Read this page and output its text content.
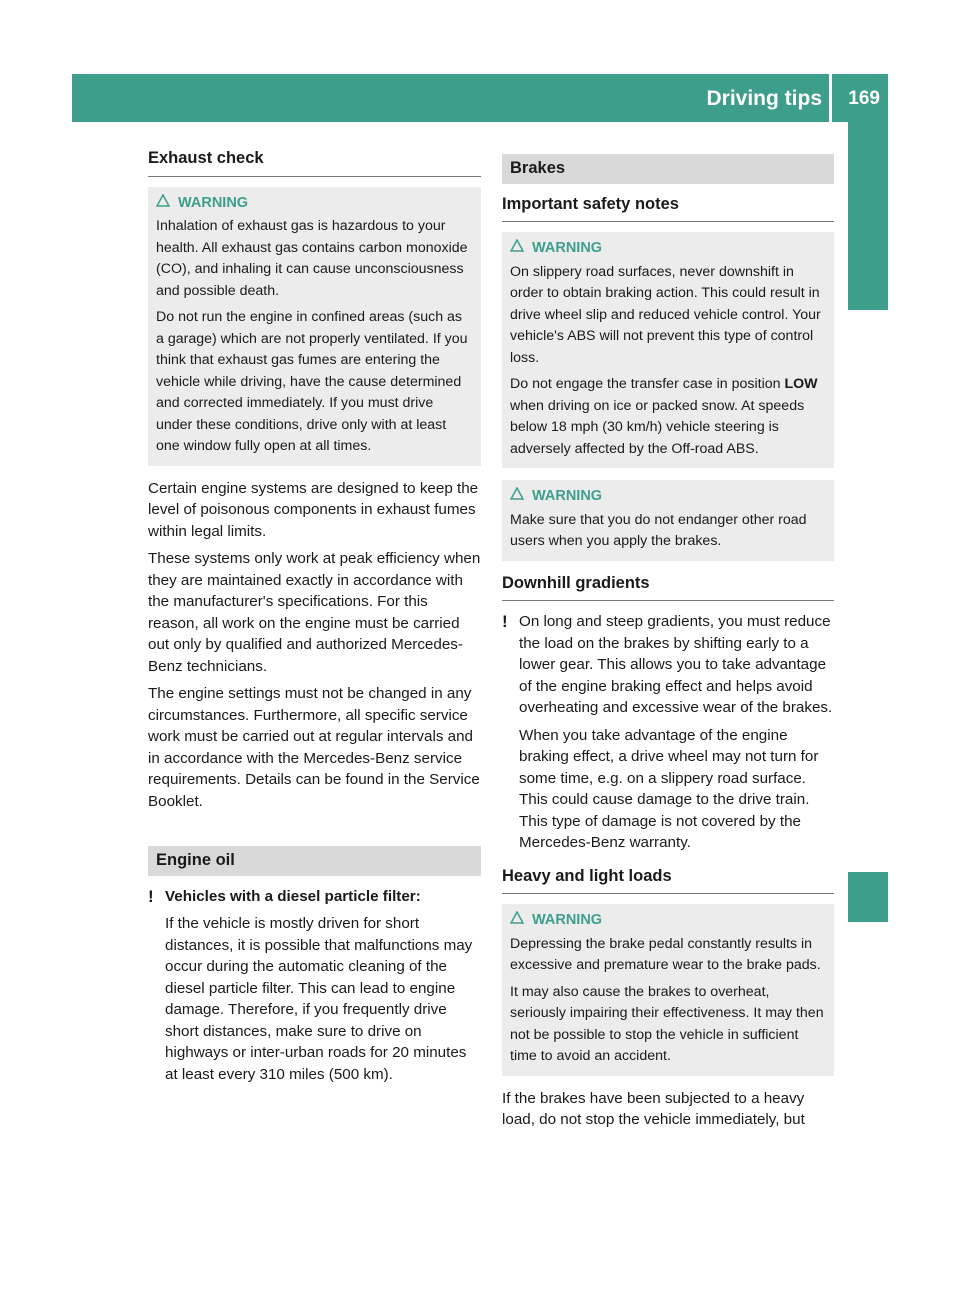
Driving tips 169
Driving and parking
Exhaust check
WARNING

Inhalation of exhaust gas is hazardous to your health. All exhaust gas contains carbon monoxide (CO), and inhaling it can cause unconsciousness and possible death.

Do not run the engine in confined areas (such as a garage) which are not properly ventilated. If you think that exhaust gas fumes are entering the vehicle while driving, have the cause determined and corrected immediately. If you must drive under these conditions, drive only with at least one window fully open at all times.

Certain engine systems are designed to keep the level of poisonous components in exhaust fumes within legal limits.

These systems only work at peak efficiency when they are maintained exactly in accordance with the manufacturer's specifications. For this reason, all work on the engine must be carried out only by qualified and authorized Mercedes-Benz technicians.

The engine settings must not be changed in any circumstances. Furthermore, all specific service work must be carried out at regular intervals and in accordance with the Mercedes-Benz service requirements. Details can be found in the Service Booklet.

Engine oil
! Vehicles with a diesel particle filter:

If the vehicle is mostly driven for short distances, it is possible that malfunctions may occur during the automatic cleaning of the diesel particle filter. This can lead to engine damage. Therefore, if you frequently drive short distances, make sure to drive on highways or inter-urban roads for 20 minutes at least every 310 miles (500 km).

Brakes
Important safety notes
WARNING

On slippery road surfaces, never downshift in order to obtain braking action. This could result in drive wheel slip and reduced vehicle control. Your vehicle's ABS will not prevent this type of control loss.

Do not engage the transfer case in position LOW when driving on ice or packed snow. At speeds below 18 mph (30 km/h) vehicle steering is adversely affected by the Off-road ABS.

WARNING

Make sure that you do not endanger other road users when you apply the brakes.

Downhill gradients
! On long and steep gradients, you must reduce the load on the brakes by shifting early to a lower gear. This allows you to take advantage of the engine braking effect and helps avoid overheating and excessive wear of the brakes.

When you take advantage of the engine braking effect, a drive wheel may not turn for some time, e.g. on a slippery road surface. This could cause damage to the drive train. This type of damage is not covered by the Mercedes-Benz warranty.

Heavy and light loads
WARNING

Depressing the brake pedal constantly results in excessive and premature wear to the brake pads.

It may also cause the brakes to overheat, seriously impairing their effectiveness. It may then not be possible to stop the vehicle in sufficient time to avoid an accident.

If the brakes have been subjected to a heavy load, do not stop the vehicle immediately, but
